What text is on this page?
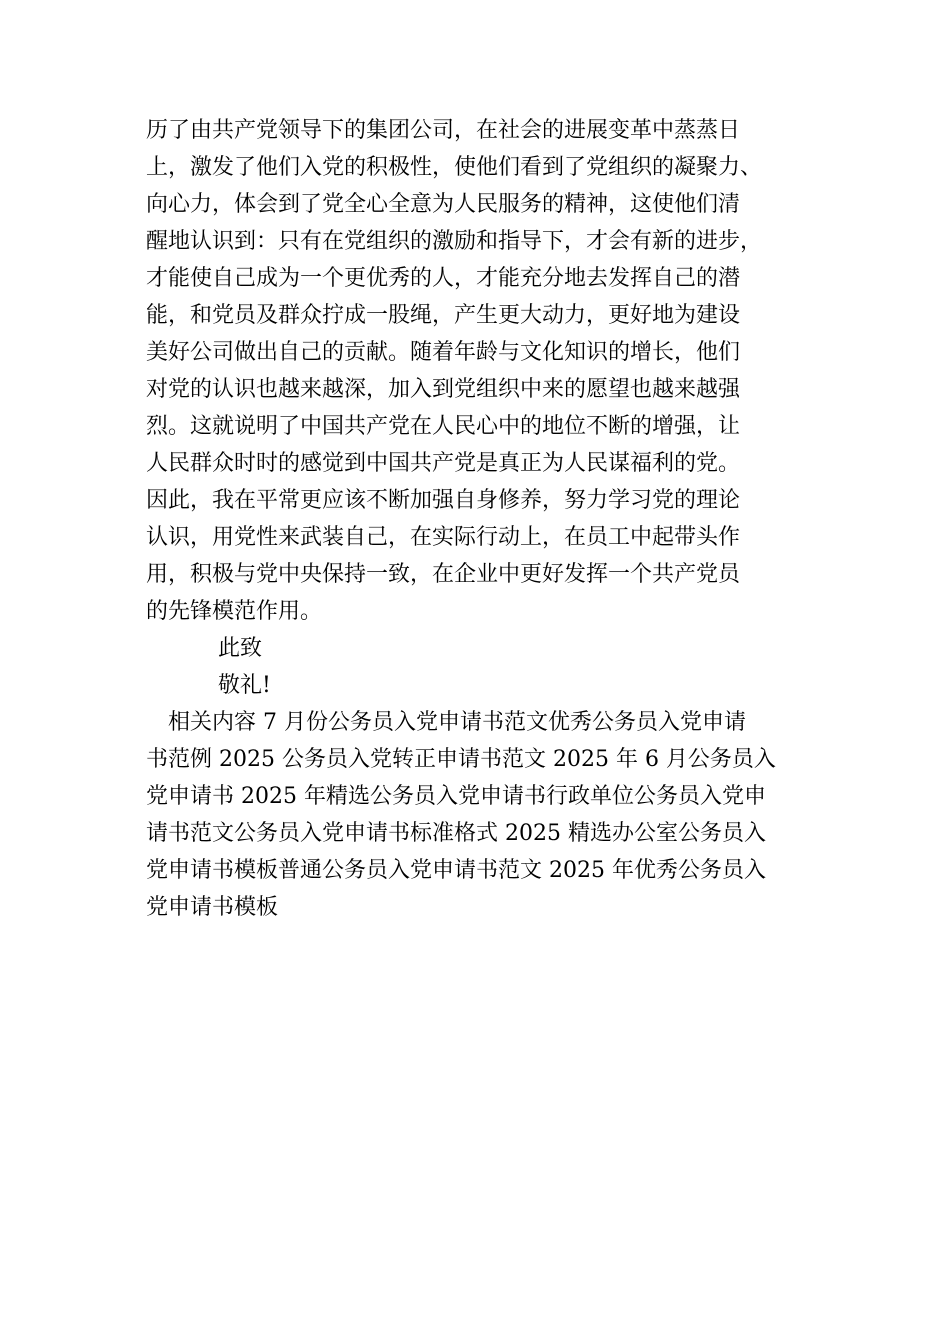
历了由共产党领导下的集团公司，在社会的进展变革中蒸蒸日
上，激发了他们入党的积极性，使他们看到了党组织的凝聚力、
向心力，体会到了党全心全意为人民服务的精神，这使他们清
醒地认识到：只有在党组织的激励和指导下，才会有新的进步，
才能使自己成为一个更优秀的人，才能充分地去发挥自己的潜
能，和党员及群众拧成一股绳，产生更大动力，更好地为建设
美好公司做出自己的贡献。随着年龄与文化知识的增长，他们
对党的认识也越来越深，加入到党组织中来的愿望也越来越强
烈。这就说明了中国共产党在人民心中的地位不断的增强，让
人民群众时时的感觉到中国共产党是真正为人民谋福利的党。
因此，我在平常更应该不断加强自身修养，努力学习党的理论
认识，用党性来武装自己，在实际行动上，在员工中起带头作
用，积极与党中央保持一致，在企业中更好发挥一个共产党员
的先锋模范作用。
此致
敬礼!
相关内容 7 月份公务员入党申请书范文优秀公务员入党申请
书范例 2025 公务员入党转正申请书范文 2025 年 6 月公务员入
党申请书 2025 年精选公务员入党申请书行政单位公务员入党申
请书范文公务员入党申请书标准格式 2025 精选办公室公务员入
党申请书模板普通公务员入党申请书范文 2025 年优秀公务员入
党申请书模板
